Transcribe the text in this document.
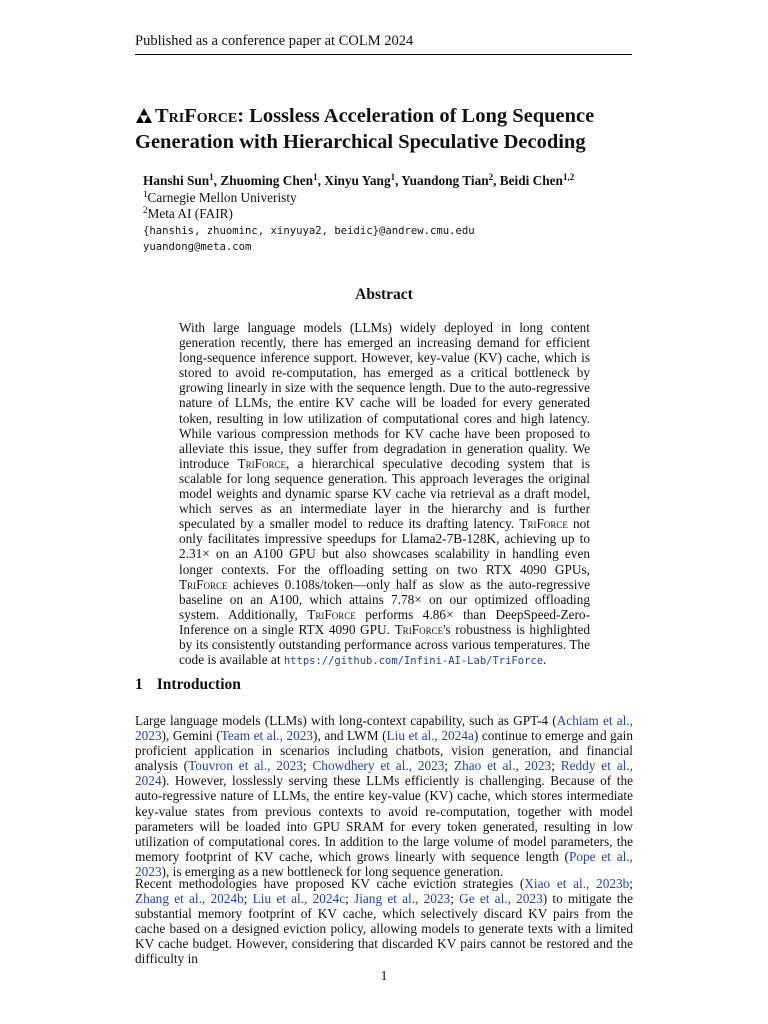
Published as a conference paper at COLM 2024
TriForce: Lossless Acceleration of Long Sequence
Generation with Hierarchical Speculative Decoding
Hanshi Sun$^1$, Zhuoming Chen$^1$, Xinyu Yang$^1$, Yuandong Tian$^2$, Beidi Chen$^{1,2}$
$^1$Carnegie Mellon Univeristy
$^2$Meta AI (FAIR)
{hanshis, zhuominc, xinyuya2, beidic}@andrew.cmu.edu
yuandong@meta.com
Abstract
With large language models (LLMs) widely deployed in long content generation recently, there has emerged an increasing demand for efficient long-sequence inference support. However, key-value (KV) cache, which is stored to avoid re-computation, has emerged as a critical bottleneck by growing linearly in size with the sequence length. Due to the auto-regressive nature of LLMs, the entire KV cache will be loaded for every generated token, resulting in low utilization of computational cores and high latency. While various compression methods for KV cache have been proposed to alleviate this issue, they suffer from degradation in generation quality. We introduce TriForce, a hierarchical speculative decoding system that is scalable for long sequence generation. This approach leverages the original model weights and dynamic sparse KV cache via retrieval as a draft model, which serves as an intermediate layer in the hierarchy and is further speculated by a smaller model to reduce its drafting latency. TriForce not only facilitates impressive speedups for Llama2-7B-128K, achieving up to 2.31× on an A100 GPU but also showcases scalability in handling even longer contexts. For the offloading setting on two RTX 4090 GPUs, TriForce achieves 0.108s/token—only half as slow as the auto-regressive baseline on an A100, which attains 7.78× on our optimized offloading system. Additionally, TriForce performs 4.86× than DeepSpeed-Zero-Inference on a single RTX 4090 GPU. TriForce's robustness is highlighted by its consistently outstanding performance across various temperatures. The code is available at https://github.com/Infini-AI-Lab/TriForce.
1 Introduction
Large language models (LLMs) with long-context capability, such as GPT-4 (Achiam et al., 2023), Gemini (Team et al., 2023), and LWM (Liu et al., 2024a) continue to emerge and gain proficient application in scenarios including chatbots, vision generation, and financial analysis (Touvron et al., 2023; Chowdhery et al., 2023; Zhao et al., 2023; Reddy et al., 2024). However, losslessly serving these LLMs efficiently is challenging. Because of the auto-regressive nature of LLMs, the entire key-value (KV) cache, which stores intermediate key-value states from previous contexts to avoid re-computation, together with model parameters will be loaded into GPU SRAM for every token generated, resulting in low utilization of computational cores. In addition to the large volume of model parameters, the memory footprint of KV cache, which grows linearly with sequence length (Pope et al., 2023), is emerging as a new bottleneck for long sequence generation.
Recent methodologies have proposed KV cache eviction strategies (Xiao et al., 2023b; Zhang et al., 2024b; Liu et al., 2024c; Jiang et al., 2023; Ge et al., 2023) to mitigate the substantial memory footprint of KV cache, which selectively discard KV pairs from the cache based on a designed eviction policy, allowing models to generate texts with a limited KV cache budget. However, considering that discarded KV pairs cannot be restored and the difficulty in
1
